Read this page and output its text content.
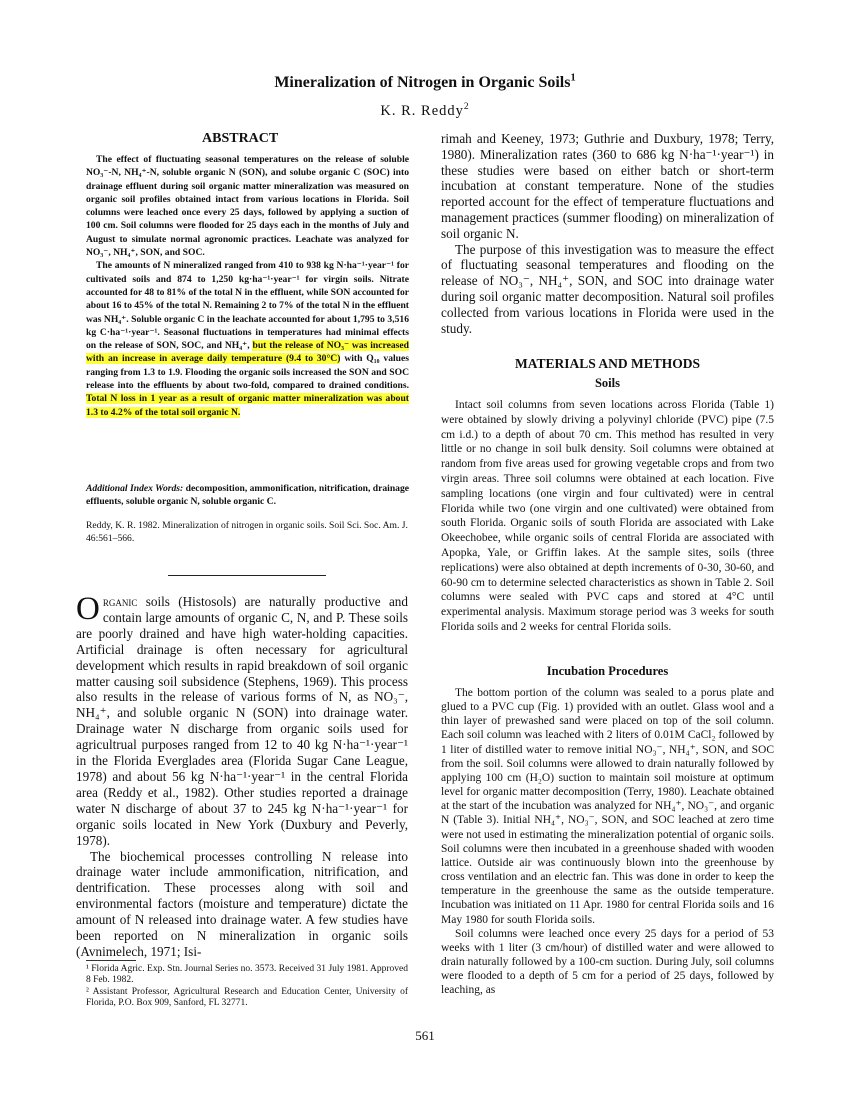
Mineralization of Nitrogen in Organic Soils$^1$
K. R. Reddy$^2$
ABSTRACT

The effect of fluctuating seasonal temperatures on the release of soluble NO₃⁻-N, NH₄⁺-N, soluble organic N (SON), and solube organic C (SOC) into drainage effluent during soil organic matter mineralization was measured on organic soil profiles obtained intact from various locations in Florida. Soil columns were leached once every 25 days, followed by applying a suction of 100 cm. Soil columns were flooded for 25 days each in the months of July and August to simulate normal agronomic practices. Leachate was analyzed for NO₃⁻, NH₄⁺, SON, and SOC.

The amounts of N mineralized ranged from 410 to 938 kg N·ha⁻¹·year⁻¹ for cultivated soils and 874 to 1,250 kg·ha⁻¹·year⁻¹ for virgin soils. Nitrate accounted for 48 to 81% of the total N in the effluent, while SON accounted for about 16 to 45% of the total N. Remaining 2 to 7% of the total N in the effluent was NH₄⁺. Soluble organic C in the leachate accounted for about 1,795 to 3,516 kg C·ha⁻¹·year⁻¹. Seasonal fluctuations in temperatures had minimal effects on the release of SON, SOC, and NH₄⁺, but the release of NO₃⁻ was increased with an increase in average daily temperature (9.4 to 30°C) with Q₁₀ values ranging from 1.3 to 1.9. Flooding the organic soils increased the SON and SOC release into the effluents by about two-fold, compared to drained conditions. Total N loss in 1 year as a result of organic matter mineralization was about 1.3 to 4.2% of the total soil organic N.

Additional Index Words: decomposition, ammonification, nitrification, drainage effluents, soluble organic N, soluble organic C.
Reddy, K. R. 1982. Mineralization of nitrogen in organic soils. Soil Sci. Soc. Am. J. 46:561–566.

Organic soils (Histosols) are naturally productive and contain large amounts of organic C, N, and P. These soils are poorly drained and have high water-holding capacities. Artificial drainage is often necessary for agricultural development which results in rapid breakdown of soil organic matter causing soil subsidence (Stephens, 1969). This process also results in the release of various forms of N, as NO₃⁻, NH₄⁺, and soluble organic N (SON) into drainage water. Drainage water N discharge from organic soils used for agricultrual purposes ranged from 12 to 40 kg N·ha⁻¹·year⁻¹ in the Florida Everglades area (Florida Sugar Cane League, 1978) and about 56 kg N·ha⁻¹·year⁻¹ in the central Florida area (Reddy et al., 1982). Other studies reported a drainage water N discharge of about 37 to 245 kg N·ha⁻¹·year⁻¹ for organic soils located in New York (Duxbury and Peverly, 1978).

The biochemical processes controlling N release into drainage water include ammonification, nitrification, and dentrification. These processes along with soil and environmental factors (moisture and temperature) dictate the amount of N released into drainage water. A few studies have been reported on N mineralization in organic soils (Avnimelech, 1971; Isi-

¹ Florida Agric. Exp. Stn. Journal Series no. 3573. Received 31 July 1981. Approved 8 Feb. 1982.

² Assistant Professor, Agricultural Research and Education Center, University of Florida, P.O. Box 909, Sanford, FL 32771.

rimah and Keeney, 1973; Guthrie and Duxbury, 1978; Terry, 1980). Mineralization rates (360 to 686 kg N·ha⁻¹·year⁻¹) in these studies were based on either batch or short-term incubation at constant temperature. None of the studies reported account for the effect of temperature fluctuations and management practices (summer flooding) on mineralization of soil organic N.

The purpose of this investigation was to measure the effect of fluctuating seasonal temperatures and flooding on the release of NO₃⁻, NH₄⁺, SON, and SOC into drainage water during soil organic matter decomposition. Natural soil profiles collected from various locations in Florida were used in the study.

MATERIALS AND METHODS
Soils

Intact soil columns from seven locations across Florida (Table 1) were obtained by slowly driving a polyvinyl chloride (PVC) pipe (7.5 cm i.d.) to a depth of about 70 cm. This method has resulted in very little or no change in soil bulk density. Soil columns were obtained at random from five areas used for growing vegetable crops and from two virgin areas. Three soil columns were obtained at each location. Five sampling locations (one virgin and four cultivated) were in central Florida while two (one virgin and one cultivated) were obtained from south Florida. Organic soils of south Florida are associated with Lake Okeechobee, while organic soils of central Florida are associated with Apopka, Yale, or Griffin lakes. At the sample sites, soils (three replications) were also obtained at depth increments of 0-30, 30-60, and 60-90 cm to determine selected characteristics as shown in Table 2. Soil columns were sealed with PVC caps and stored at 4°C until experimental analysis. Maximum storage period was 3 weeks for south Florida soils and 2 weeks for central Florida soils.

Incubation Procedures

The bottom portion of the column was sealed to a porus plate and glued to a PVC cup (Fig. 1) provided with an outlet. Glass wool and a thin layer of prewashed sand were placed on top of the soil column. Each soil column was leached with 2 liters of 0.01M CaCl₂ followed by 1 liter of distilled water to remove initial NO₃⁻, NH₄⁺, SON, and SOC from the soil. Soil columns were allowed to drain naturally followed by applying 100 cm (H₂O) suction to maintain soil moisture at optimum level for organic matter decomposition (Terry, 1980). Leachate obtained at the start of the incubation was analyzed for NH₄⁺, NO₃⁻, and organic N (Table 3). Initial NH₄⁺, NO₃⁻, SON, and SOC leached at zero time were not used in estimating the mineralization potential of organic soils. Soil columns were then incubated in a greenhouse shaded with wooden lattice. Outside air was continuously blown into the greenhouse by cross ventilation and an electric fan. This was done in order to keep the temperature in the greenhouse the same as the outside temperature. Incubation was initiated on 11 Apr. 1980 for central Florida soils and 16 May 1980 for south Florida soils.

Soil columns were leached once every 25 days for a period of 53 weeks with 1 liter (3 cm/hour) of distilled water and were allowed to drain naturally followed by a 100-cm suction. During July, soil columns were flooded to a depth of 5 cm for a period of 25 days, followed by leaching, as

561
